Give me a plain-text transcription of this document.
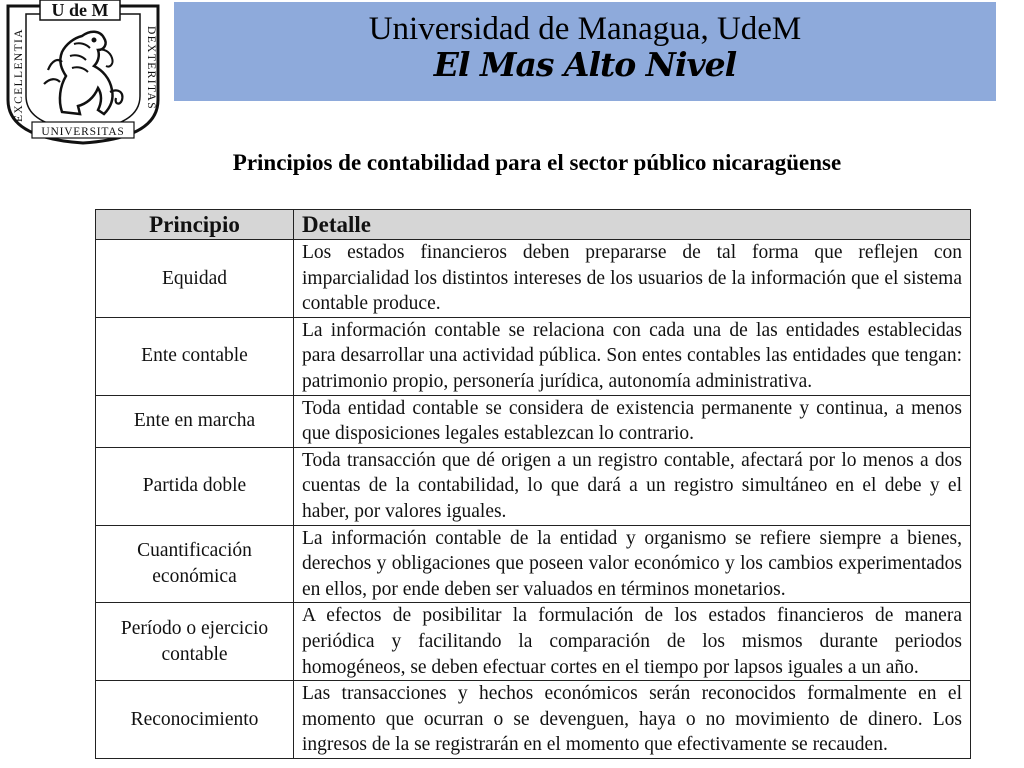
U de M
EXCELLENTIA	DEXTERITAS
UNIVERSITAS
Universidad de Managua, UdeM
El Mas Alto Nivel
Principios de contabilidad para el sector público nicaragüense
Principio	Detalle
Equidad	Los estados financieros deben prepararse de tal forma que reflejen con imparcialidad los distintos intereses de los usuarios de la información que el sistema contable produce.
Ente contable	La información contable se relaciona con cada una de las entidades establecidas para desarrollar una actividad pública. Son entes contables las entidades que tengan: patrimonio propio, personería jurídica, autonomía administrativa.
Ente en marcha	Toda entidad contable se considera de existencia permanente y continua, a menos que disposiciones legales establezcan lo contrario.
Partida doble	Toda transacción que dé origen a un registro contable, afectará por lo menos a dos cuentas de la contabilidad, lo que dará a un registro simultáneo en el debe y el haber, por valores iguales.
Cuantificación económica	La información contable de la entidad y organismo se refiere siempre a bienes, derechos y obligaciones que poseen valor económico y los cambios experimentados en ellos, por ende deben ser valuados en términos monetarios.
Período o ejercicio contable	A efectos de posibilitar la formulación de los estados financieros de manera periódica y facilitando la comparación de los mismos durante periodos homogéneos, se deben efectuar cortes en el tiempo por lapsos iguales a un año.
Reconocimiento	Las transacciones y hechos económicos serán reconocidos formalmente en el momento que ocurran o se devenguen, haya o no movimiento de dinero. Los ingresos de la se registrarán en el momento que efectivamente se recauden.
